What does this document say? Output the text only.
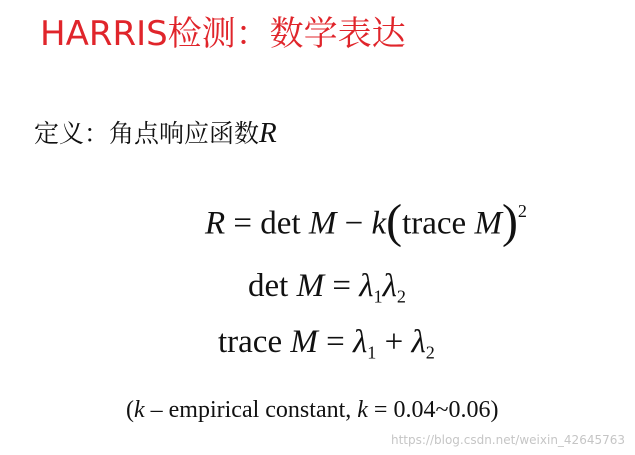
HARRIS检测：数学表达
定义：角点响应函数R
R = det M − k(trace M)$^2$
$\det M = \lambda_1\lambda_2$
trace $M = \lambda_1 + \lambda_2$
(k – empirical constant, k = 0.04~0.06)
https://blog.csdn.net/weixin_42645763
